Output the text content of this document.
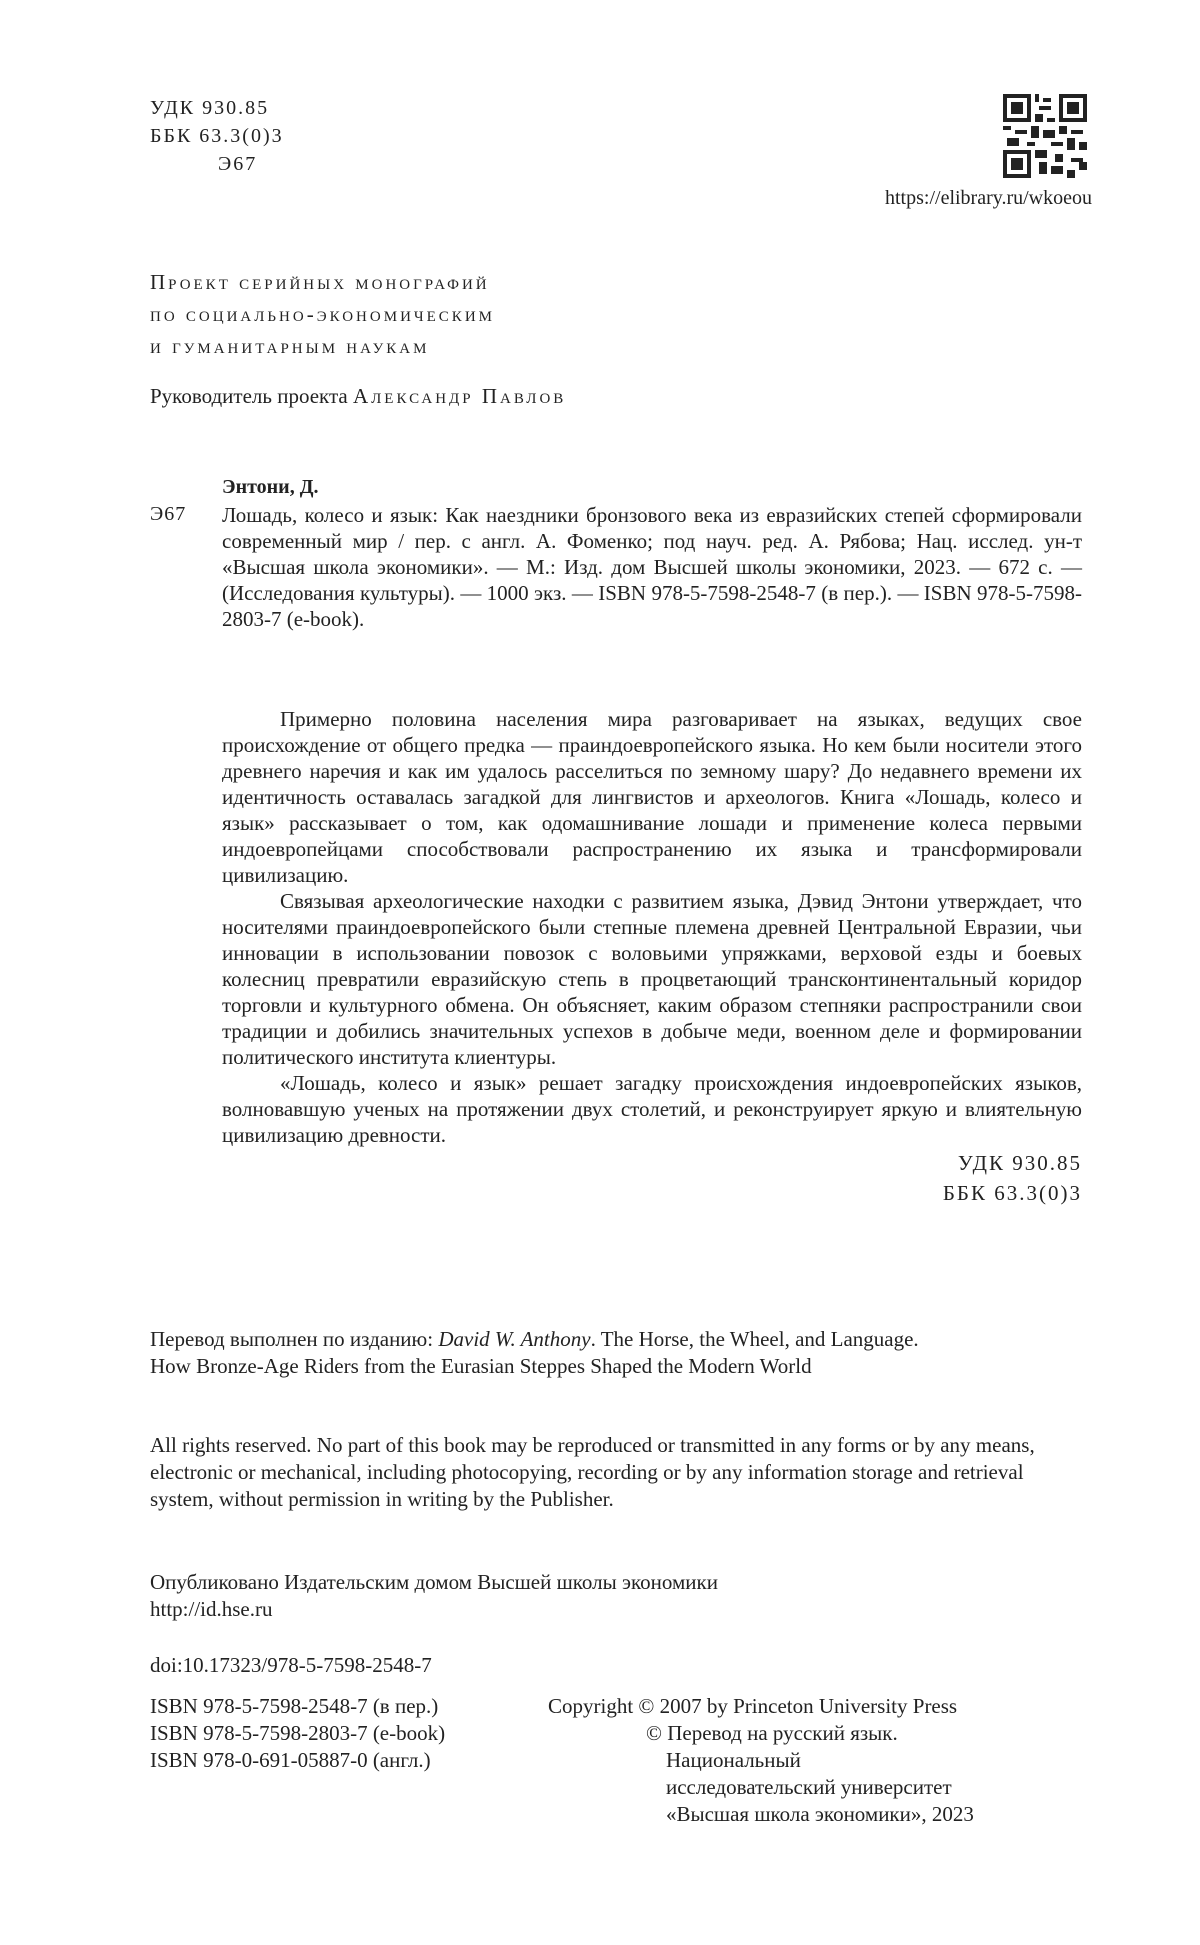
УДК 930.85
ББК 63.3(0)3
Э67
https://elibrary.ru/wkoeou
Проект серийных монографий
по социально-экономическим
и гуманитарным наукам
Руководитель проекта Александр Павлов
Энтони, Д.
Э67 Лошадь, колесо и язык: Как наездники бронзового века из евразийских степей сформировали современный мир / пер. с англ. А. Фоменко; под науч. ред. А. Рябова; Нац. исслед. ун-т «Высшая школа экономики». — М.: Изд. дом Высшей школы экономики, 2023. — 672 с. — (Исследования культуры). — 1000 экз. — ISBN 978-5-7598-2548-7 (в пер.). — ISBN 978-5-7598-2803-7 (e-book).

Примерно половина населения мира разговаривает на языках, ведущих свое происхождение от общего предка — праиндоевропейского языка. Но кем были носители этого древнего наречия и как им удалось расселиться по земному шару? До недавнего времени их идентичность оставалась загадкой для лингвистов и археологов. Книга «Лошадь, колесо и язык» рассказывает о том, как одомашнивание лошади и применение колеса первыми индоевропейцами способствовали распространению их языка и трансформировали цивилизацию.

Связывая археологические находки с развитием языка, Дэвид Энтони утверждает, что носителями праиндоевропейского были степные племена древней Центральной Евразии, чьи инновации в использовании повозок с воловьими упряжками, верховой езды и боевых колесниц превратили евразийскую степь в процветающий трансконтинентальный коридор торговли и культурного обмена. Он объясняет, каким образом степняки распространили свои традиции и добились значительных успехов в добыче меди, военном деле и формировании политического института клиентуры.

«Лошадь, колесо и язык» решает загадку происхождения индоевропейских языков, волновавшую ученых на протяжении двух столетий, и реконструирует яркую и влиятельную цивилизацию древности.

УДК 930.85
ББК 63.3(0)3
Перевод выполнен по изданию: David W. Anthony. The Horse, the Wheel, and Language. How Bronze-Age Riders from the Eurasian Steppes Shaped the Modern World
All rights reserved. No part of this book may be reproduced or transmitted in any forms or by any means, electronic or mechanical, including photocopying, recording or by any information storage and retrieval system, without permission in writing by the Publisher.
Опубликовано Издательским домом Высшей школы экономики
http://id.hse.ru
doi:10.17323/978-5-7598-2548-7
ISBN 978-5-7598-2548-7 (в пер.)
ISBN 978-5-7598-2803-7 (e-book)
ISBN 978-0-691-05887-0 (англ.)
Copyright © 2007 by Princeton University Press
© Перевод на русский язык.
Национальный
исследовательский университет
«Высшая школа экономики», 2023
